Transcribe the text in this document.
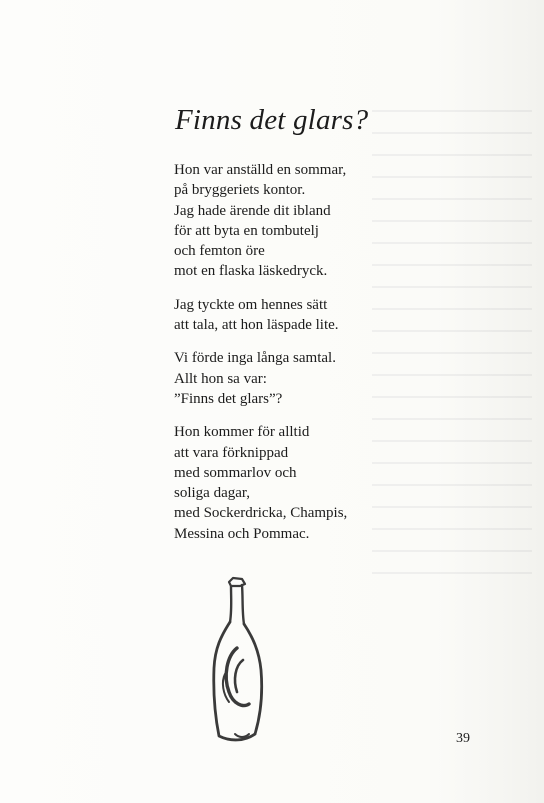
Finns det glars?
Hon var anställd en sommar,
på bryggeriets kontor.
Jag hade ärende dit ibland
för att byta en tombutelj
och femton öre
mot en flaska läskedryck.
Jag tyckte om hennes sätt
att tala, att hon läspade lite.
Vi förde inga långa samtal.
Allt hon sa var:
”Finns det glars”?
Hon kommer för alltid
att vara förknippad
med sommarlov och
soliga dagar,
med Sockerdricka, Champis,
Messina och Pommac.
39
